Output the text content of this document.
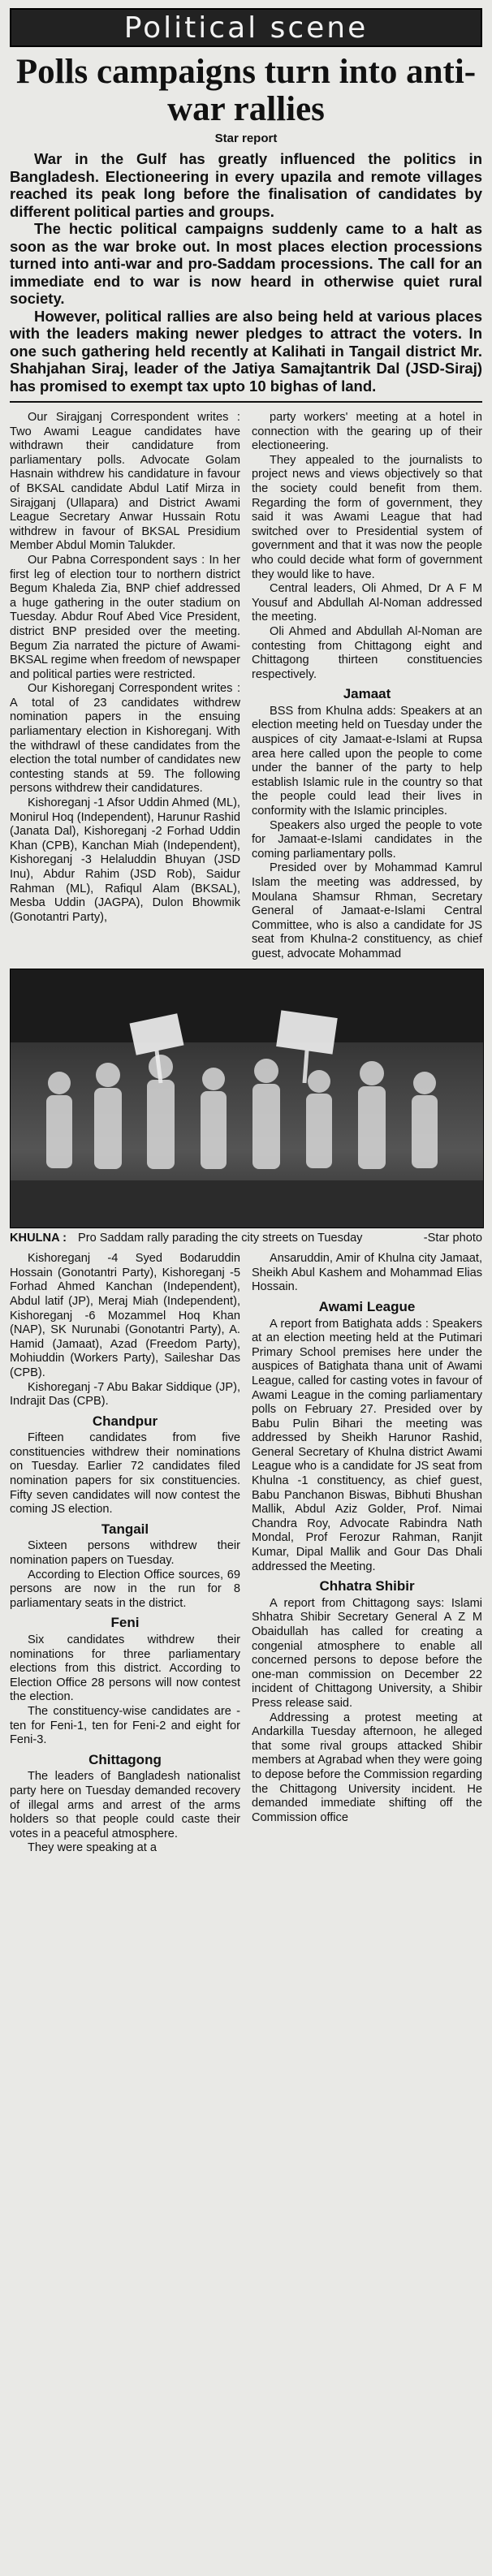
Political scene
Polls campaigns turn into anti- war rallies
Star report

War in the Gulf has greatly influenced the politics in Bangladesh. Electioneering in every upazila and remote villages reached its peak long before the finalisation of candidates by different political parties and groups.

The hectic political campaigns suddenly came to a halt as soon as the war broke out. In most places election processions turned into anti-war and pro-Saddam processions. The call for an immediate end to war is now heard in otherwise quiet rural society.

However, political rallies are also being held at various places with the leaders making newer pledges to attract the voters. In one such gathering held recently at Kalihati in Tangail district Mr. Shahjahan Siraj, leader of the Jatiya Samajtantrik Dal (JSD-Siraj) has promised to exempt tax upto 10 bighas of land.

Our Sirajganj Correspondent writes : Two Awami League candidates have withdrawn their candidature from parliamentary polls. Advocate Golam Hasnain withdrew his candidature in favour of BKSAL candidate Abdul Latif Mirza in Sirajganj (Ullapara) and District Awami League Secretary Anwar Hussain Rotu withdrew in favour of BKSAL Presidium Member Abdul Momin Talukder.

Our Pabna Correspondent says : In her first leg of election tour to northern district Begum Khaleda Zia, BNP chief addressed a huge gathering in the outer stadium on Tuesday. Abdur Rouf Abed Vice President, district BNP presided over the meeting. Begum Zia narrated the picture of Awami-BKSAL regime when freedom of newspaper and political parties were restricted.

Our Kishoreganj Correspondent writes : A total of 23 candidates withdrew nomination papers in the ensuing parliamentary election in Kishoreganj. With the withdrawl of these candidates from the election the total number of candidates new contesting stands at 59. The following persons withdrew their candidatures.

Kishoreganj -1 Afsor Uddin Ahmed (ML), Monirul Hoq (Independent), Harunur Rashid (Janata Dal), Kishoreganj -2 Forhad Uddin Khan (CPB), Kanchan Miah (Independent), Kishoreganj -3 Helaluddin Bhuyan (JSD Inu), Abdur Rahim (JSD Rob), Saidur Rahman (ML), Rafiqul Alam (BKSAL), Mesba Uddin (JAGPA), Dulon Bhowmik (Gonotantri Party),

party workers' meeting at a hotel in connection with the gearing up of their electioneering.

They appealed to the journalists to project news and views objectively so that the society could benefit from them. Regarding the form of government, they said it was Awami League that had switched over to Presidential system of government and that it was now the people who could decide what form of government they would like to have.

Central leaders, Oli Ahmed, Dr A F M Yousuf and Abdullah Al-Noman addressed the meeting.

Oli Ahmed and Abdullah Al-Noman are contesting from Chittagong eight and Chittagong thirteen constituencies respectively.

Jamaat

BSS from Khulna adds: Speakers at an election meeting held on Tuesday under the auspices of city Jamaat-e-Islami at Rupsa area here called upon the people to come under the banner of the party to help establish Islamic rule in the country so that the people could lead their lives in conformity with the Islamic principles.

Speakers also urged the people to vote for Jamaat-e-Islami candidates in the coming parliamentary polls.

Presided over by Mohammad Kamrul Islam the meeting was addressed, by Moulana Shamsur Rhman, Secretary General of Jamaat-e-Islami Central Committee, who is also a candidate for JS seat from Khulna-2 constituency, as chief guest, advocate Mohammad

KHULNA : Pro Saddam rally parading the city streets on Tuesday	-Star photo

Kishoreganj -4 Syed Bodaruddin Hossain (Gonotantri Party), Kishoreganj -5 Forhad Ahmed Kanchan (Independent), Abdul latif (JP), Meraj Miah (Independent), Kishoreganj -6 Mozammel Hoq Khan (NAP), SK Nurunabi (Gonotantri Party), A. Hamid (Jamaat), Azad (Freedom Party), Mohiuddin (Workers Party), Saileshar Das (CPB).

Kishoreganj -7 Abu Bakar Siddique (JP), Indrajit Das (CPB).

Chandpur

Fifteen candidates from five constituencies withdrew their nominations on Tuesday. Earlier 72 candidates filed nomination papers for six constituencies. Fifty seven candidates will now contest the coming JS election.

Tangail

Sixteen persons withdrew their nomination papers on Tuesday.

According to Election Office sources, 69 persons are now in the run for 8 parliamentary seats in the district.

Feni

Six candidates withdrew their nominations for three parliamentary elections from this district. According to Election Office 28 persons will now contest the election.

The constituency-wise candidates are - ten for Feni-1, ten for Feni-2 and eight for Feni-3.

Chittagong

The leaders of Bangladesh nationalist party here on Tuesday demanded recovery of illegal arms and arrest of the arms holders so that people could caste their votes in a peaceful atmosphere.

They were speaking at a

Ansaruddin, Amir of Khulna city Jamaat, Sheikh Abul Kashem and Mohammad Elias Hossain.

Awami League

A report from Batighata adds : Speakers at an election meeting held at the Putimari Primary School premises here under the auspices of Batighata thana unit of Awami League, called for casting votes in favour of Awami League in the coming parliamentary polls on February 27. Presided over by Babu Pulin Bihari the meeting was addressed by Sheikh Harunor Rashid, General Secretary of Khulna district Awami League who is a candidate for JS seat from Khulna -1 constituency, as chief guest, Babu Panchanon Biswas, Bibhuti Bhushan Mallik, Abdul Aziz Golder, Prof. Nimai Chandra Roy, Advocate Rabindra Nath Mondal, Prof Ferozur Rahman, Ranjit Kumar, Dipal Mallik and Gour Das Dhali addressed the Meeting.

Chhatra Shibir

A report from Chittagong says: Islami Shhatra Shibir Secretary General A Z M Obaidullah has called for creating a congenial atmosphere to enable all concerned persons to depose before the one-man commission on December 22 incident of Chittagong University, a Shibir Press release said.

Addressing a protest meeting at Andarkilla Tuesday afternoon, he alleged that some rival groups attacked Shibir members at Agrabad when they were going to depose before the Commission regarding the Chittagong University incident. He demanded immediate shifting off the Commission office
